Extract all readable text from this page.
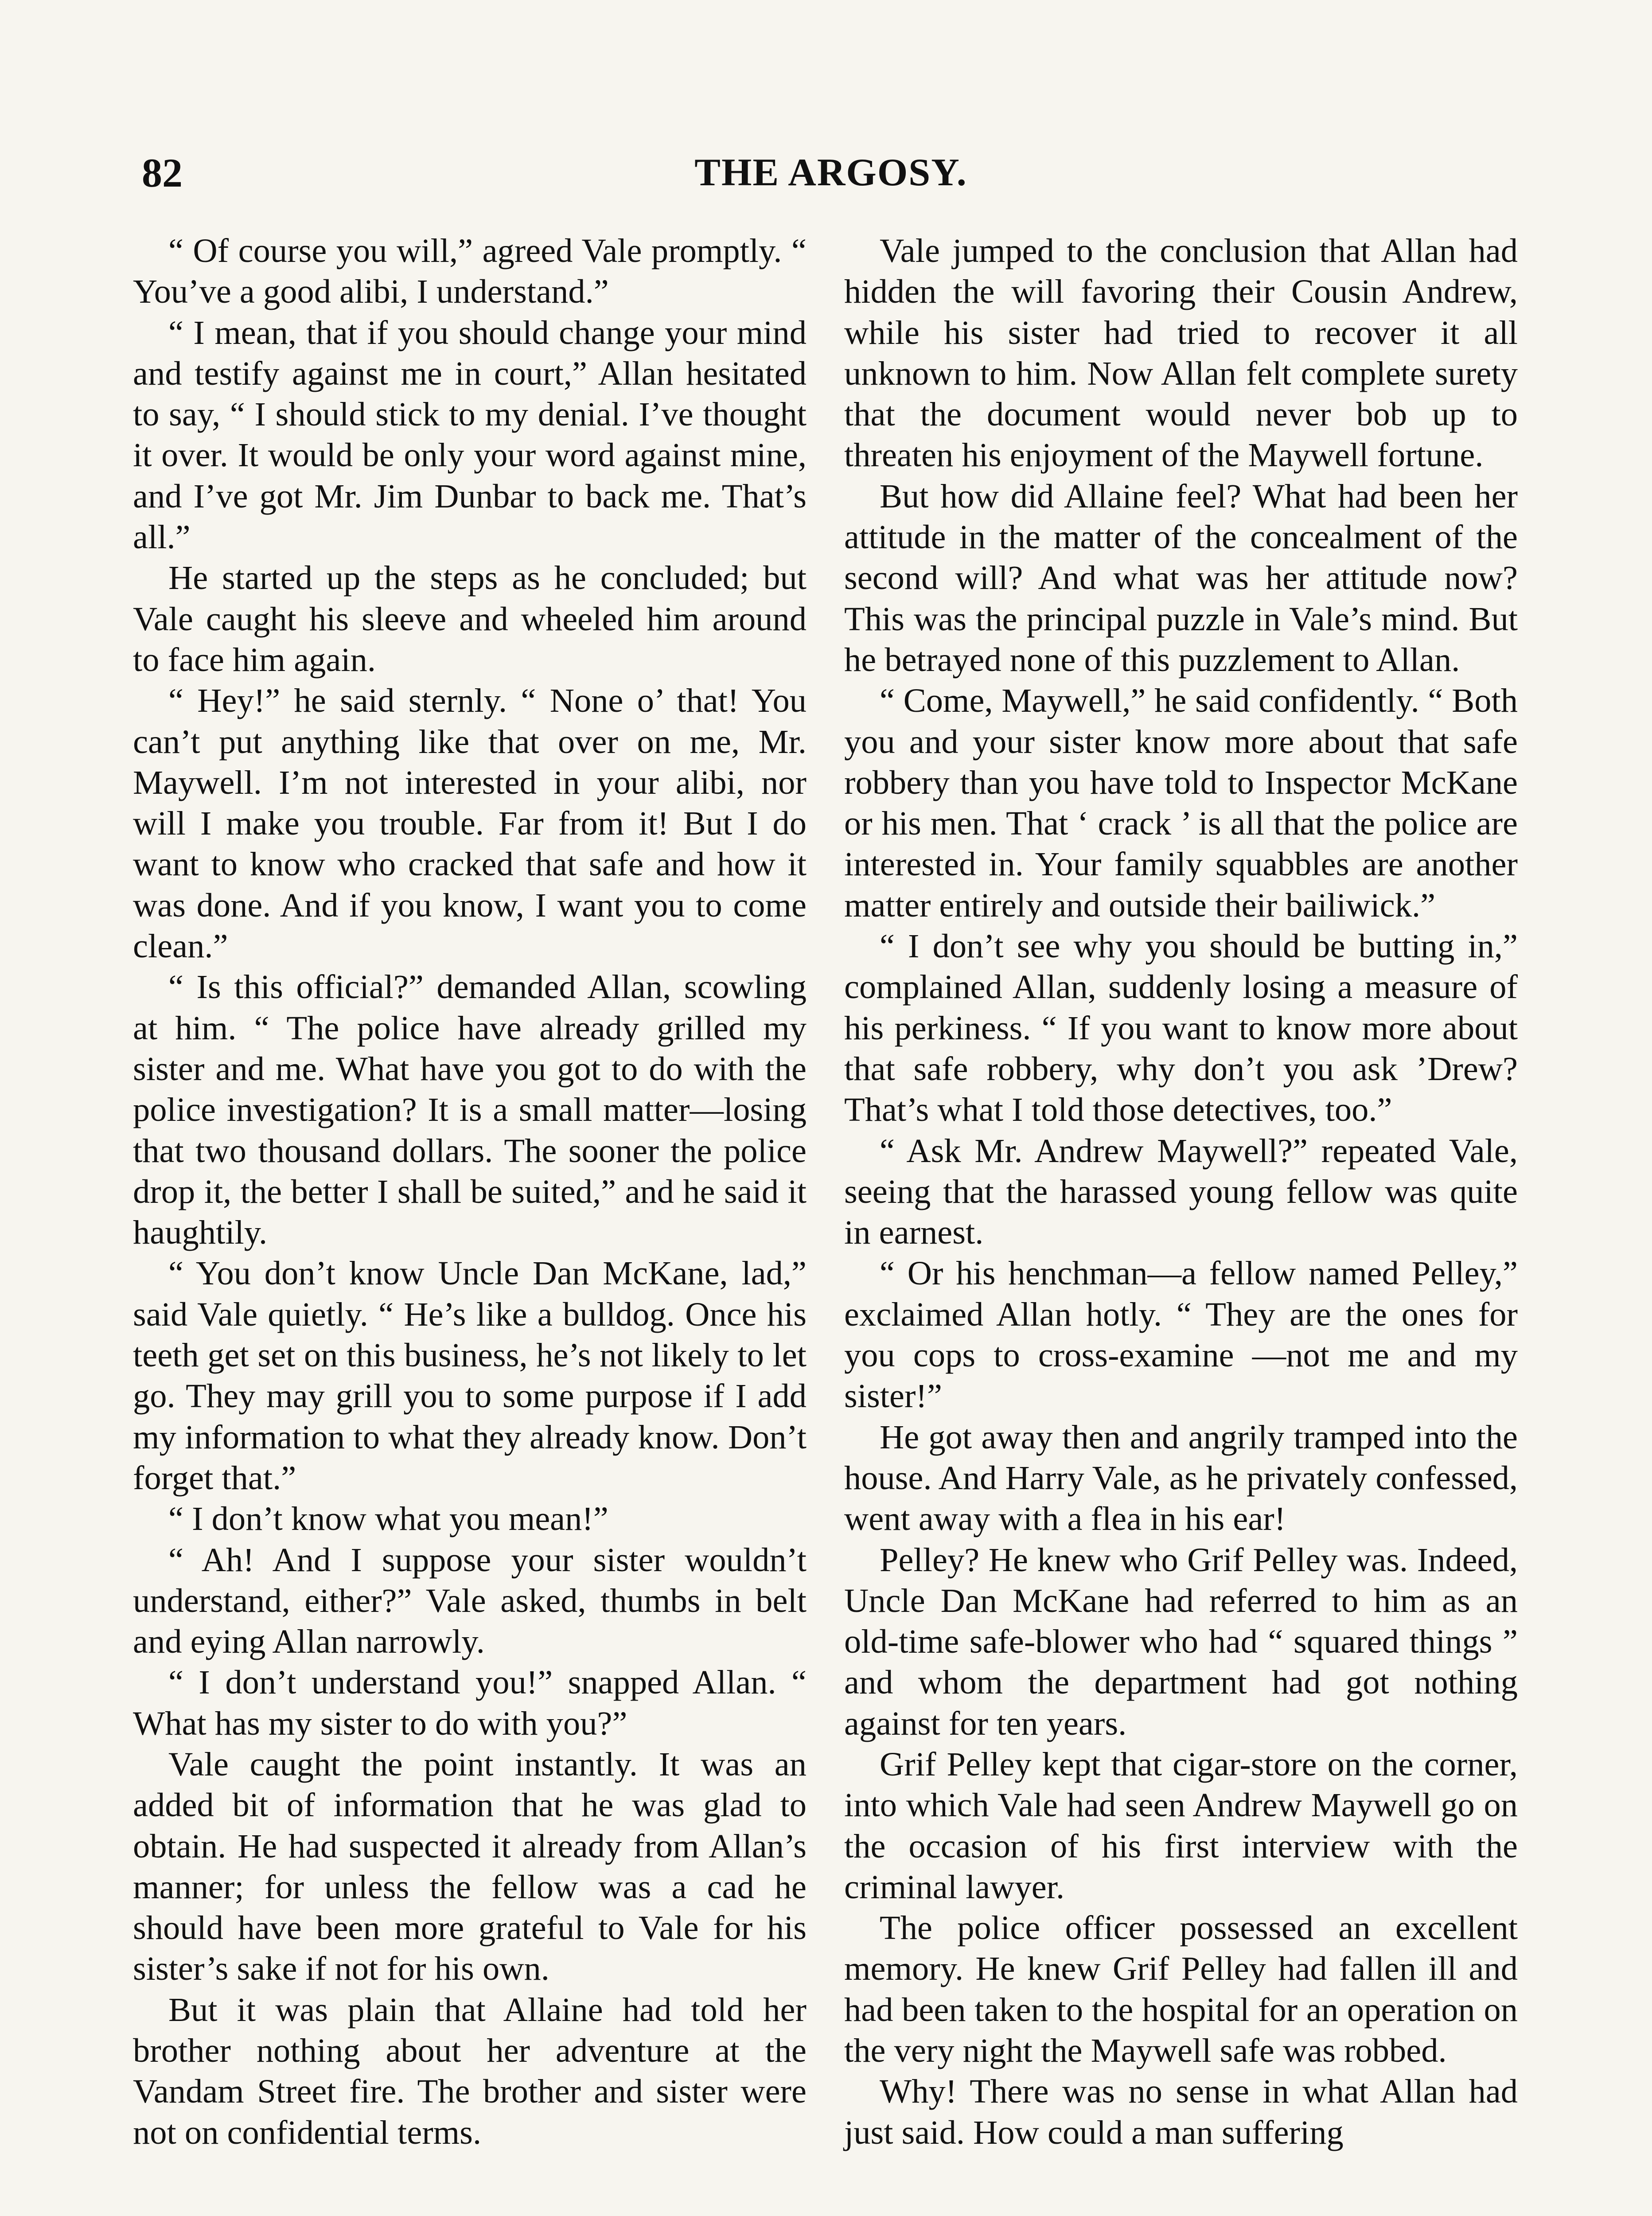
82	THE ARGOSY.

“ Of course you will,” agreed Vale promptly. “ You’ve a good alibi, I understand.”

“ I mean, that if you should change your mind and testify against me in court,” Allan hesitated to say, “ I should stick to my denial. I’ve thought it over. It would be only your word against mine, and I’ve got Mr. Jim Dunbar to back me. That’s all.”

He started up the steps as he concluded; but Vale caught his sleeve and wheeled him around to face him again.

“ Hey!” he said sternly. “ None o’ that! You can’t put anything like that over on me, Mr. Maywell. I’m not interested in your alibi, nor will I make you trouble. Far from it! But I do want to know who cracked that safe and how it was done. And if you know, I want you to come clean.”

“ Is this official?” demanded Allan, scowling at him. “ The police have already grilled my sister and me. What have you got to do with the police investigation? It is a small matter—losing that two thousand dollars. The sooner the police drop it, the better I shall be suited,” and he said it haughtily.

“ You don’t know Uncle Dan McKane, lad,” said Vale quietly. “ He’s like a bulldog. Once his teeth get set on this business, he’s not likely to let go. They may grill you to some purpose if I add my information to what they already know. Don’t forget that.”

“ I don’t know what you mean!”

“ Ah! And I suppose your sister wouldn’t understand, either?” Vale asked, thumbs in belt and eying Allan narrowly.

“ I don’t understand you!” snapped Allan. “ What has my sister to do with you?”

Vale caught the point instantly. It was an added bit of information that he was glad to obtain. He had suspected it already from Allan’s manner; for unless the fellow was a cad he should have been more grateful to Vale for his sister’s sake if not for his own.

But it was plain that Allaine had told her brother nothing about her adventure at the Vandam Street fire. The brother and sister were not on confidential terms.

Vale jumped to the conclusion that Allan had hidden the will favoring their Cousin Andrew, while his sister had tried to recover it all unknown to him. Now Allan felt complete surety that the document would never bob up to threaten his enjoyment of the Maywell fortune.

But how did Allaine feel? What had been her attitude in the matter of the concealment of the second will? And what was her attitude now? This was the principal puzzle in Vale’s mind. But he betrayed none of this puzzlement to Allan.

“ Come, Maywell,” he said confidently. “ Both you and your sister know more about that safe robbery than you have told to Inspector McKane or his men. That ‘ crack ’ is all that the police are interested in. Your family squabbles are another matter entirely and outside their bailiwick.”

“ I don’t see why you should be butting in,” complained Allan, suddenly losing a measure of his perkiness. “ If you want to know more about that safe robbery, why don’t you ask ’Drew? That’s what I told those detectives, too.”

“ Ask Mr. Andrew Maywell?” repeated Vale, seeing that the harassed young fellow was quite in earnest.

“ Or his henchman—a fellow named Pelley,” exclaimed Allan hotly. “ They are the ones for you cops to cross-examine —not me and my sister!”

He got away then and angrily tramped into the house. And Harry Vale, as he privately confessed, went away with a flea in his ear!

Pelley? He knew who Grif Pelley was. Indeed, Uncle Dan McKane had referred to him as an old-time safe-blower who had “ squared things ” and whom the department had got nothing against for ten years.

Grif Pelley kept that cigar-store on the corner, into which Vale had seen Andrew Maywell go on the occasion of his first interview with the criminal lawyer.

The police officer possessed an excellent memory. He knew Grif Pelley had fallen ill and had been taken to the hospital for an operation on the very night the Maywell safe was robbed.

Why! There was no sense in what Allan had just said. How could a man suffering
